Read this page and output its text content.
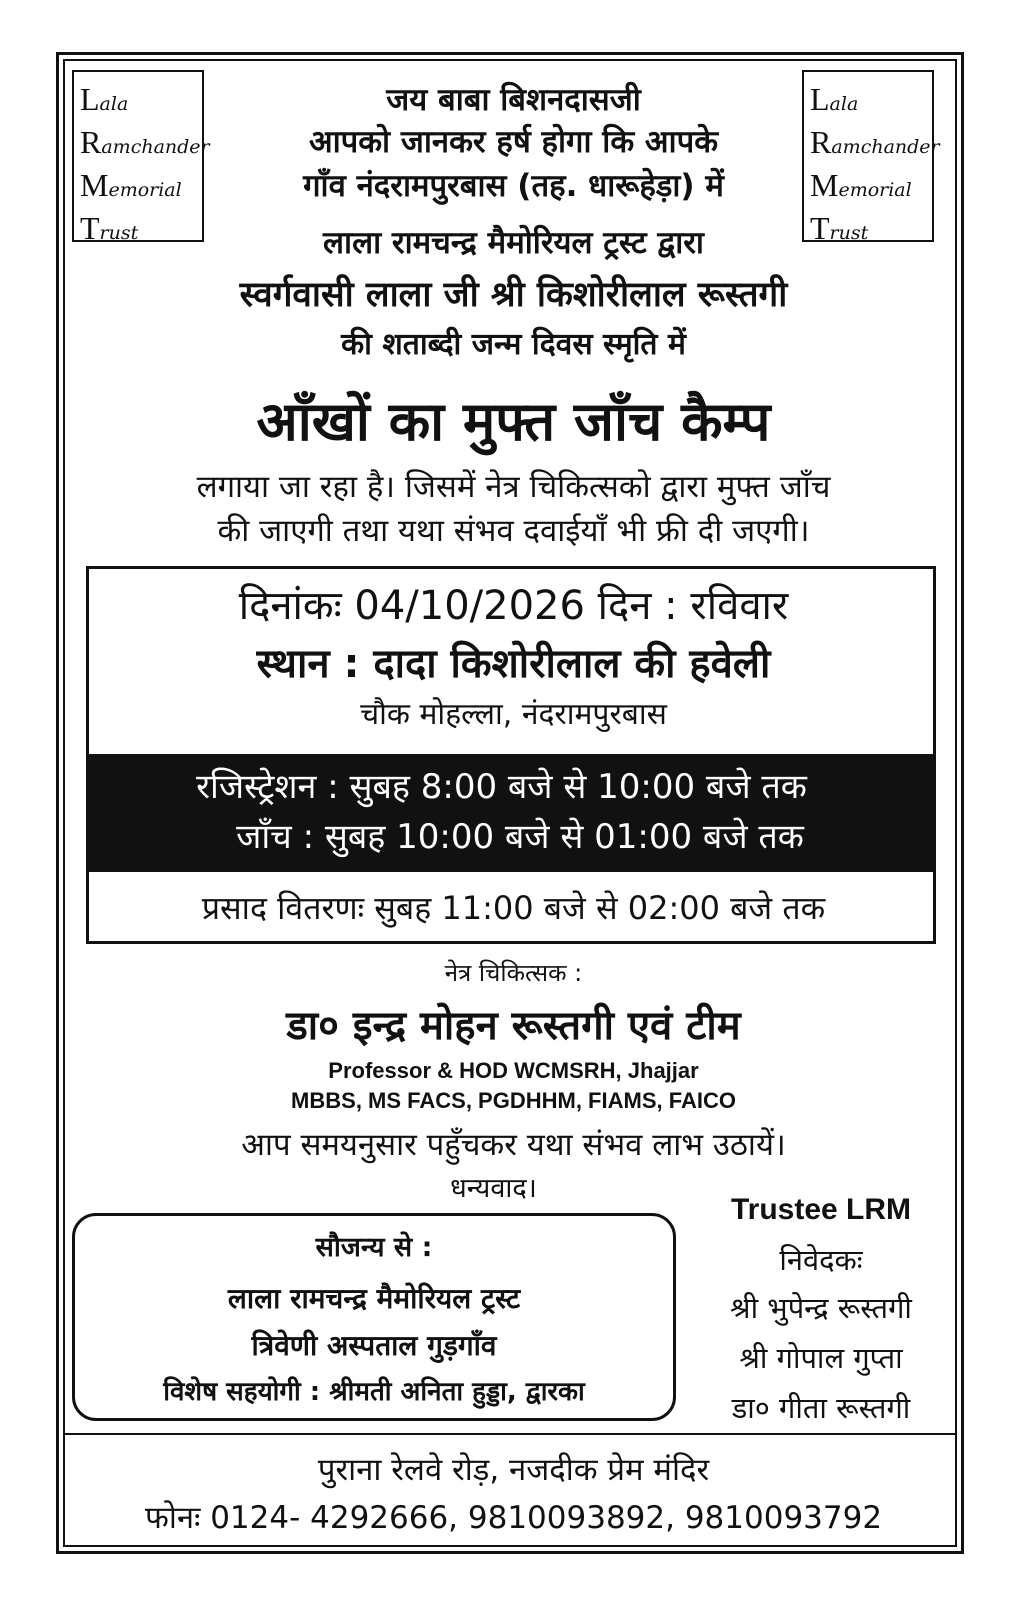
Lala
Ramchander
Memorial
Trust
Lala
Ramchander
Memorial
Trust
जय बाबा बिशनदासजी
आपको जानकर हर्ष होगा कि आपके
गाँव नंदरामपुरबास (तह. धारूहेड़ा) में
लाला रामचन्द्र मैमोरियल ट्रस्ट द्वारा
स्वर्गवासी लाला जी श्री किशोरीलाल रूस्तगी
की शताब्दी जन्म दिवस स्मृति में
आँखों का मुफ्त जाँच कैम्प
लगाया जा रहा है। जिसमें नेत्र चिकित्सको द्वारा मुफ्त जाँच
की जाएगी तथा यथा संभव दवाईयाँ भी फ्री दी जएगी।
दिनांकः 04/10/2026 दिन : रविवार
स्थान : दादा किशोरीलाल की हवेली
चौक मोहल्ला, नंदरामपुरबास
रजिस्ट्रेशन : सुबह 8:00 बजे से 10:00 बजे तक
जाँच : सुबह 10:00 बजे से 01:00 बजे तक
प्रसाद वितरणः सुबह 11:00 बजे से 02:00 बजे तक
नेत्र चिकित्सक :
डा० इन्द्र मोहन रूस्तगी एवं टीम
Professor & HOD WCMSRH, Jhajjar
MBBS, MS FACS, PGDHHM, FIAMS, FAICO
आप समयनुसार पहुँचकर यथा संभव लाभ उठायें।
धन्यवाद।
सौजन्य से :
लाला रामचन्द्र मैमोरियल ट्रस्ट
त्रिवेणी अस्पताल गुड़गाँव
विशेष सहयोगी : श्रीमती अनिता हुड्डा, द्वारका
Trustee LRM
निवेदकः
श्री भुपेन्द्र रूस्तगी
श्री गोपाल गुप्ता
डा० गीता रूस्तगी
पुराना रेलवे रोड़, नजदीक प्रेम मंदिर
फोनः 0124- 4292666, 9810093892, 9810093792
